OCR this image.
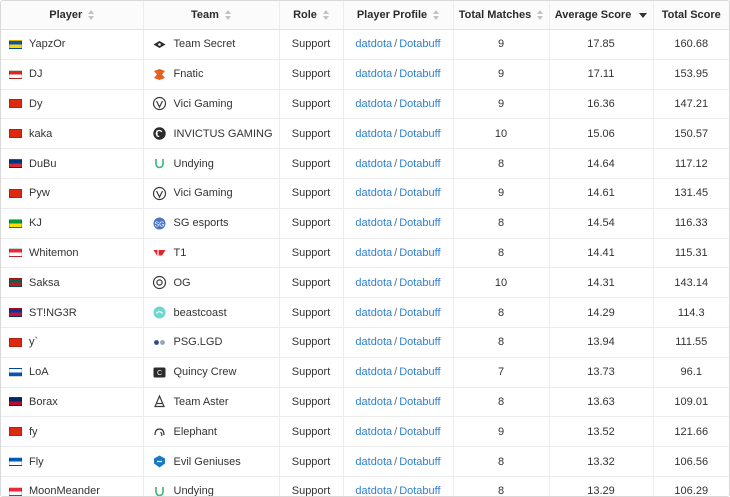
Player	Team	Role	Player Profile	Total Matches	Average Score	Total Score

YapzOr	Team Secret	Support	datdota / Dotabuff	9	17.85	160.68

DJ	Fnatic	Support	datdota / Dotabuff	9	17.11	153.95

Dy	Vici Gaming	Support	datdota / Dotabuff	9	16.36	147.21

kaka	INVICTUS GAMING	Support	datdota / Dotabuff	10	15.06	150.57

DuBu	Undying	Support	datdota / Dotabuff	8	14.64	117.12

Pyw	Vici Gaming	Support	datdota / Dotabuff	9	14.61	131.45

KJ	SG SG esports	Support	datdota / Dotabuff	8	14.54	116.33

Whitemon	T1	Support	datdota / Dotabuff	8	14.41	115.31

Saksa	OG	Support	datdota / Dotabuff	10	14.31	143.14

ST!NG3R	beastcoast	Support	datdota / Dotabuff	8	14.29	114.3

y`	PSG.LGD	Support	datdota / Dotabuff	8	13.94	111.55

LoA	C Quincy Crew	Support	datdota / Dotabuff	7	13.73	96.1

Borax	Team Aster	Support	datdota / Dotabuff	8	13.63	109.01

fy	Elephant	Support	datdota / Dotabuff	9	13.52	121.66

Fly	Evil Geniuses	Support	datdota / Dotabuff	8	13.32	106.56

MoonMeander	Undying	Support	datdota / Dotabuff	8	13.29	106.29
